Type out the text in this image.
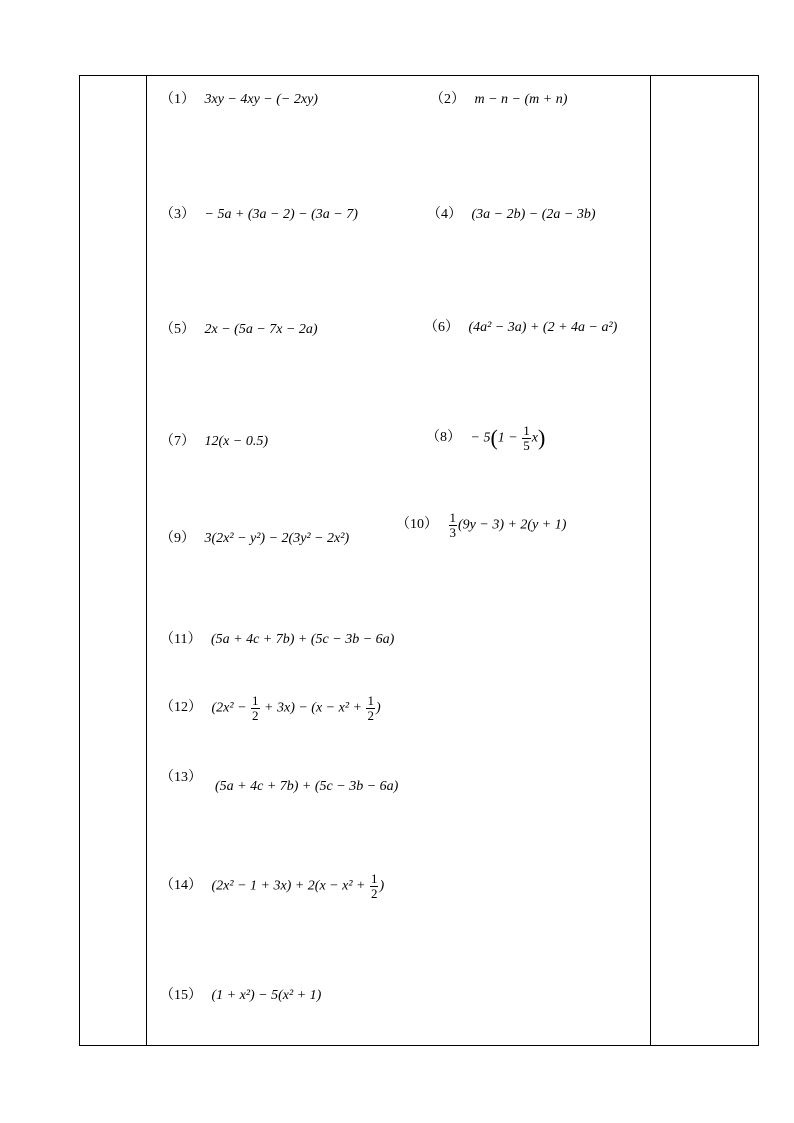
（1） 3xy − 4xy − (− 2xy)	（2） m − n − (m + n)
（3） − 5a + (3a − 2) − (3a − 7)	（4） (3a − 2b) − (2a − 3b)
（5） 2x − (5a − 7x − 2a)	（6） (4a² − 3a) + (2 + 4a − a²)
（7） 12(x − 0.5)	$(8) - 5(1 - \frac{1}{5} x)$
（9） 3(2x² − y²) − 2(3y² − 2x²)
$(10) \frac{1}{3} (9y - 3) + 2(y + 1)$
（11） (5a + 4c + 7b) + (5c − 3b − 6a)
（12） $(2x^2 - \frac{1}{2} + 3x) - (x - x^2 + \frac{1}{2}$ )
（13）
(5a + 4c + 7b) + (5c − 3b − 6a)
（14） $(2x^2 - 1 + 3x) + 2(x - x^2 + \frac{1}{2}$ )
（15） (1 + x²) − 5(x² + 1)
